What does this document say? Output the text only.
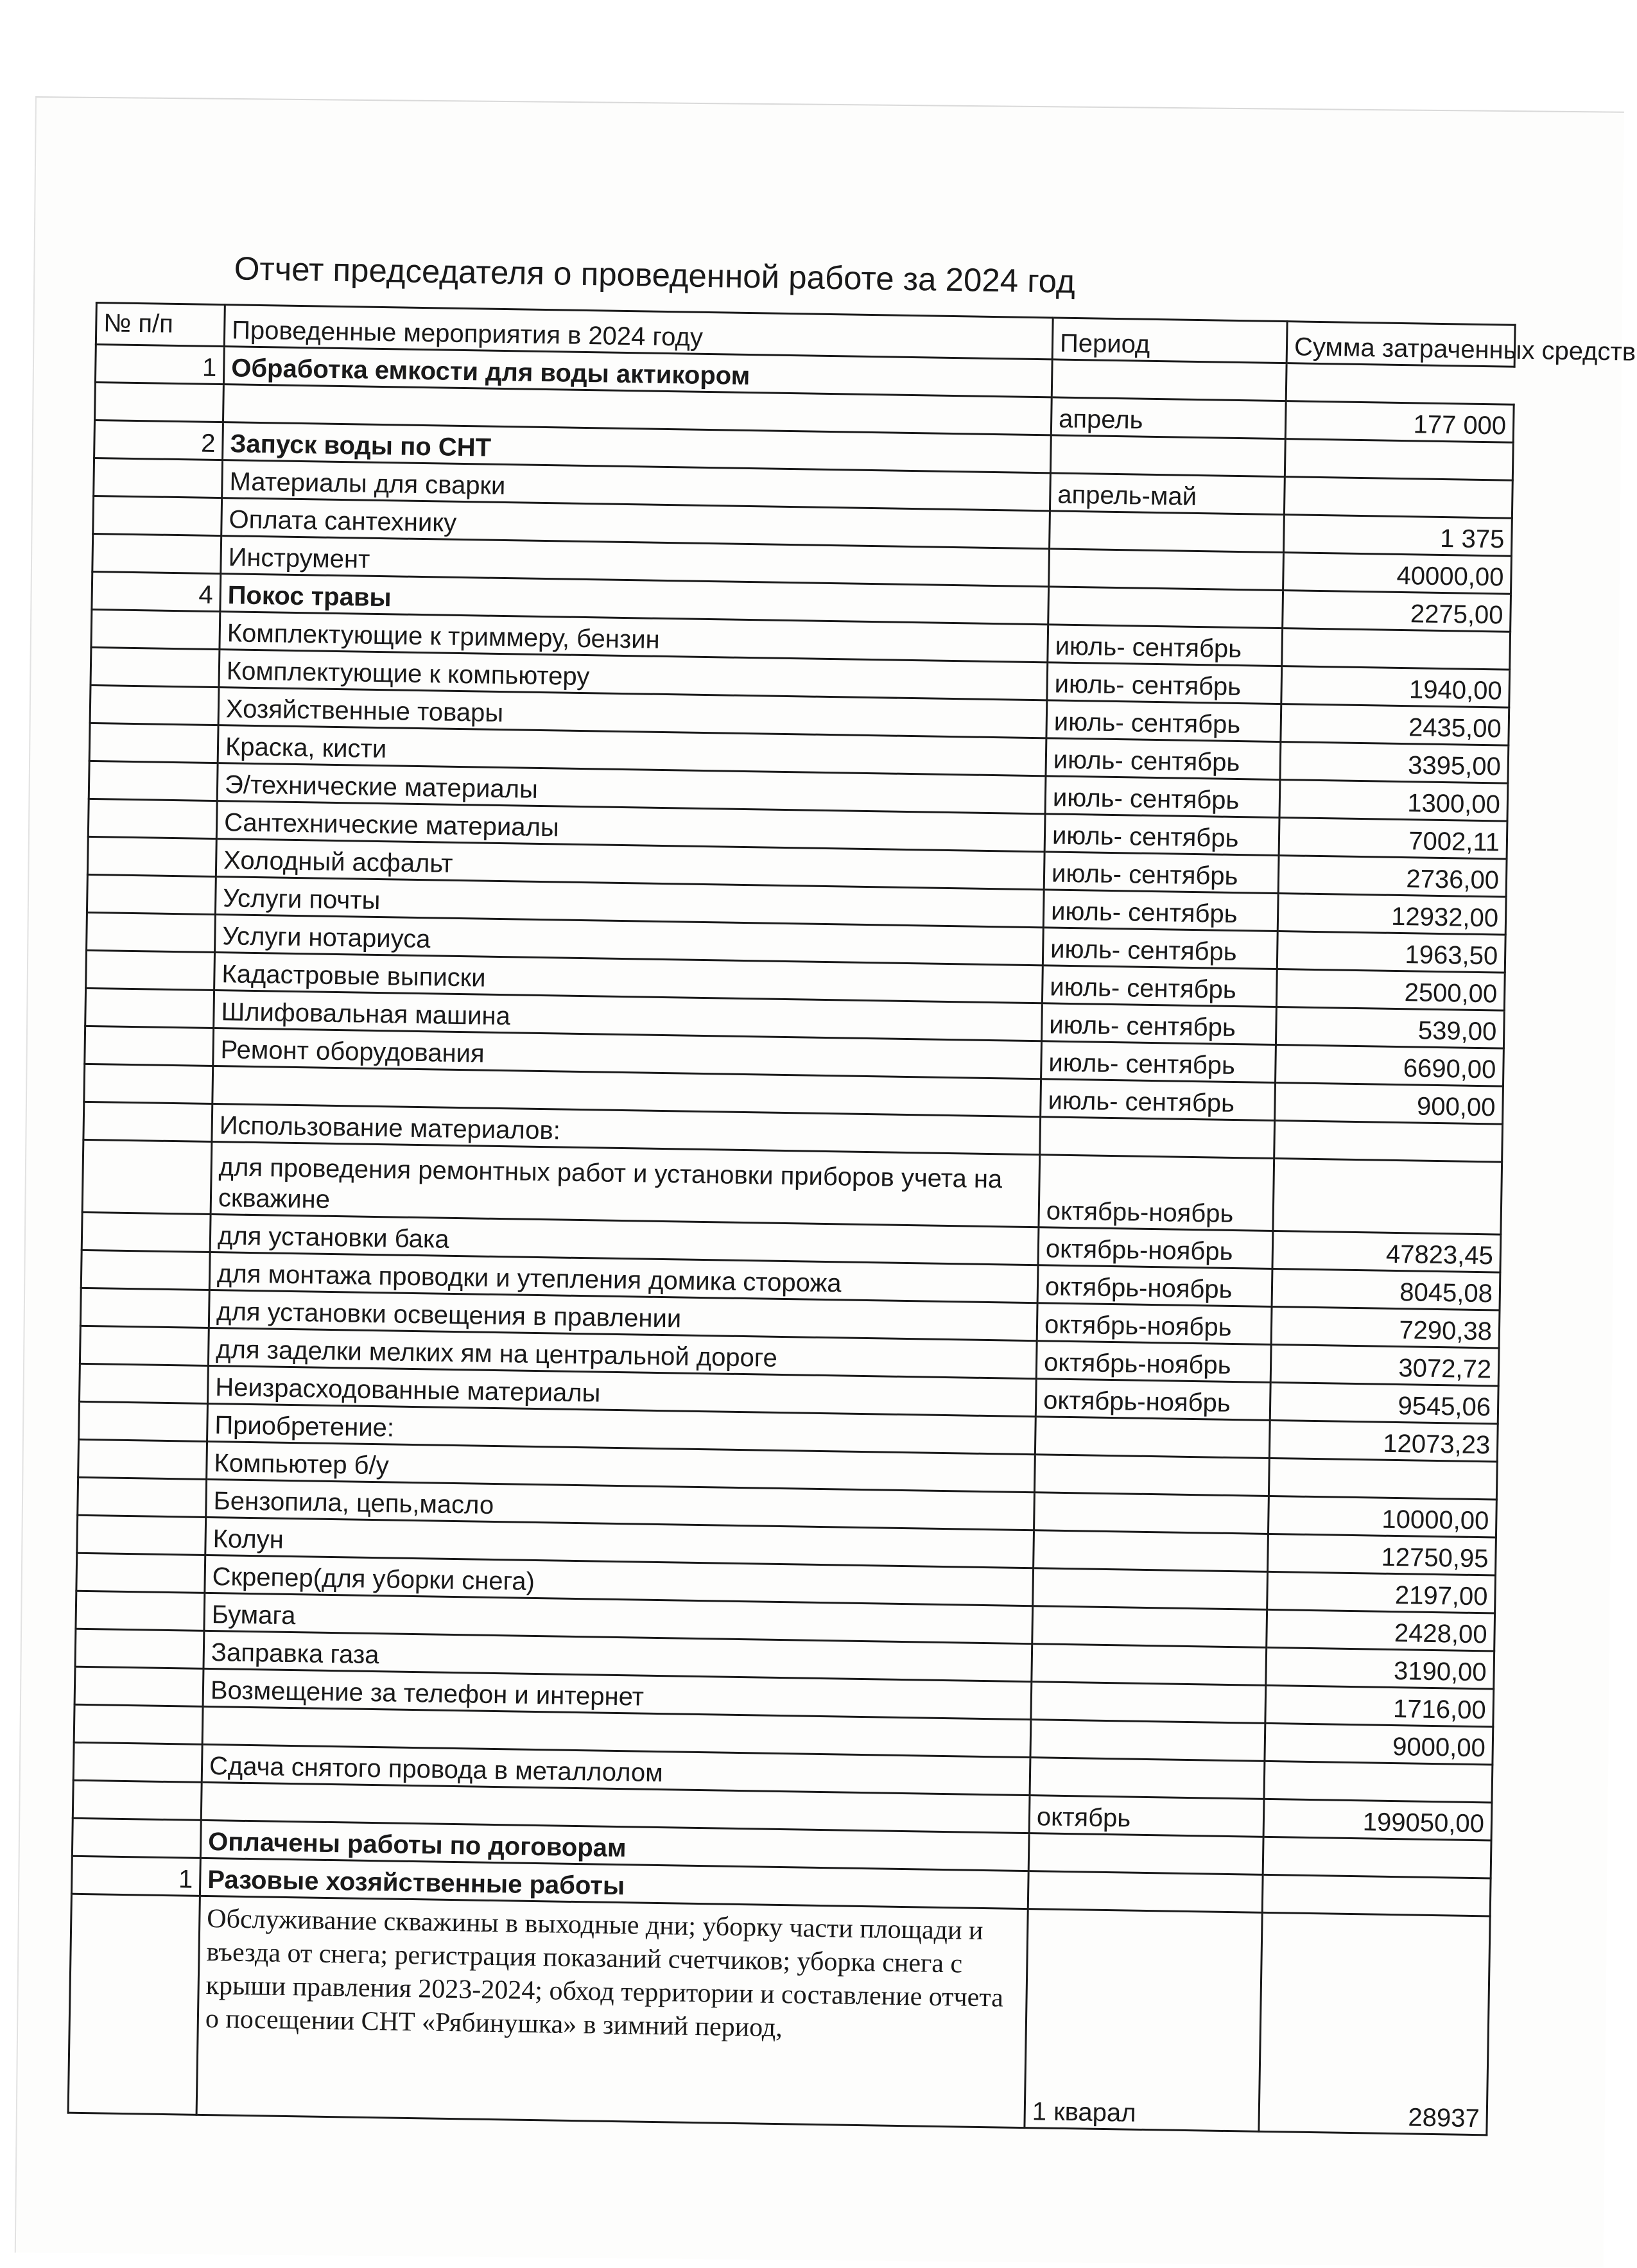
Отчет председателя о проведенной работе за 2024 год
№ п/п	Проведенные мероприятия в 2024 году	Период	Сумма затраченных средств
1	Обработка емкости для воды актикором		
		апрель	177 000
2	Запуск воды по СНТ		
	Материалы для сварки	апрель-май	
	Оплата сантехнику		1 375
	Инструмент		40000,00
4	Покос травы		2275,00
	Комплектующие к триммеру, бензин	июль- сентябрь	
	Комплектующие к компьютеру	июль- сентябрь	1940,00
	Хозяйственные товары	июль- сентябрь	2435,00
	Краска, кисти	июль- сентябрь	3395,00
	Э/технические материалы	июль- сентябрь	1300,00
	Сантехнические материалы	июль- сентябрь	7002,11
	Холодный асфальт	июль- сентябрь	2736,00
	Услуги почты	июль- сентябрь	12932,00
	Услуги нотариуса	июль- сентябрь	1963,50
	Кадастровые выписки	июль- сентябрь	2500,00
	Шлифовальная машина	июль- сентябрь	539,00
	Ремонт оборудования	июль- сентябрь	6690,00
		июль- сентябрь	900,00
	Использование материалов:		
	для проведения ремонтных работ и установки приборов учета на скважине	октябрь-ноябрь	
	для установки бака	октябрь-ноябрь	47823,45
	для монтажа проводки и утепления домика сторожа	октябрь-ноябрь	8045,08
	для установки освещения в правлении	октябрь-ноябрь	7290,38
	для заделки мелких ям на центральной дороге	октябрь-ноябрь	3072,72
	Неизрасходованные материалы	октябрь-ноябрь	9545,06
	Приобретение:		12073,23
	Компьютер б/у		
	Бензопила, цепь,масло		10000,00
	Колун		12750,95
	Скрепер(для уборки снега)		2197,00
	Бумага		2428,00
	Заправка газа		3190,00
	Возмещение за телефон и интернет		1716,00
			9000,00
	Сдача снятого провода в металлолом		
		октябрь	199050,00
	Оплачены работы по договорам		
1	Разовые хозяйственные работы		
	Обслуживание скважины в выходные дни; уборку части площади и въезда от снега; регистрация показаний счетчиков; уборка снега с крыши правления 2023-2024; обход территории и составление отчета о посещении СНТ «Рябинушка» в зимний период,	1 кварал	28937
